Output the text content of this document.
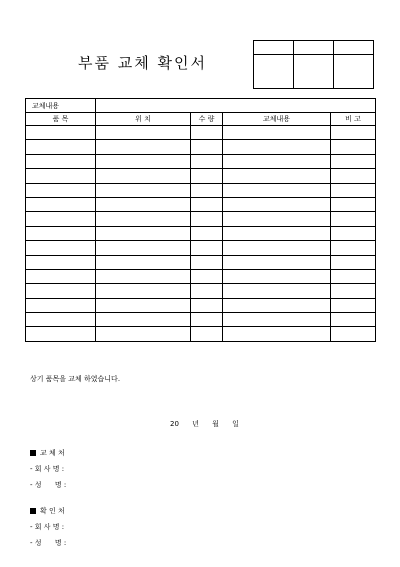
부품 교체 확인서

교체내용				
품 목	위 치	수 량	교체내용	비 고

상기 품목을 교체 하였습니다.
20 년 월 일
교 체 처
- 회 사 명 :
- 성      명 :
확 인 처
- 회 사 명 :
- 성      명 :
